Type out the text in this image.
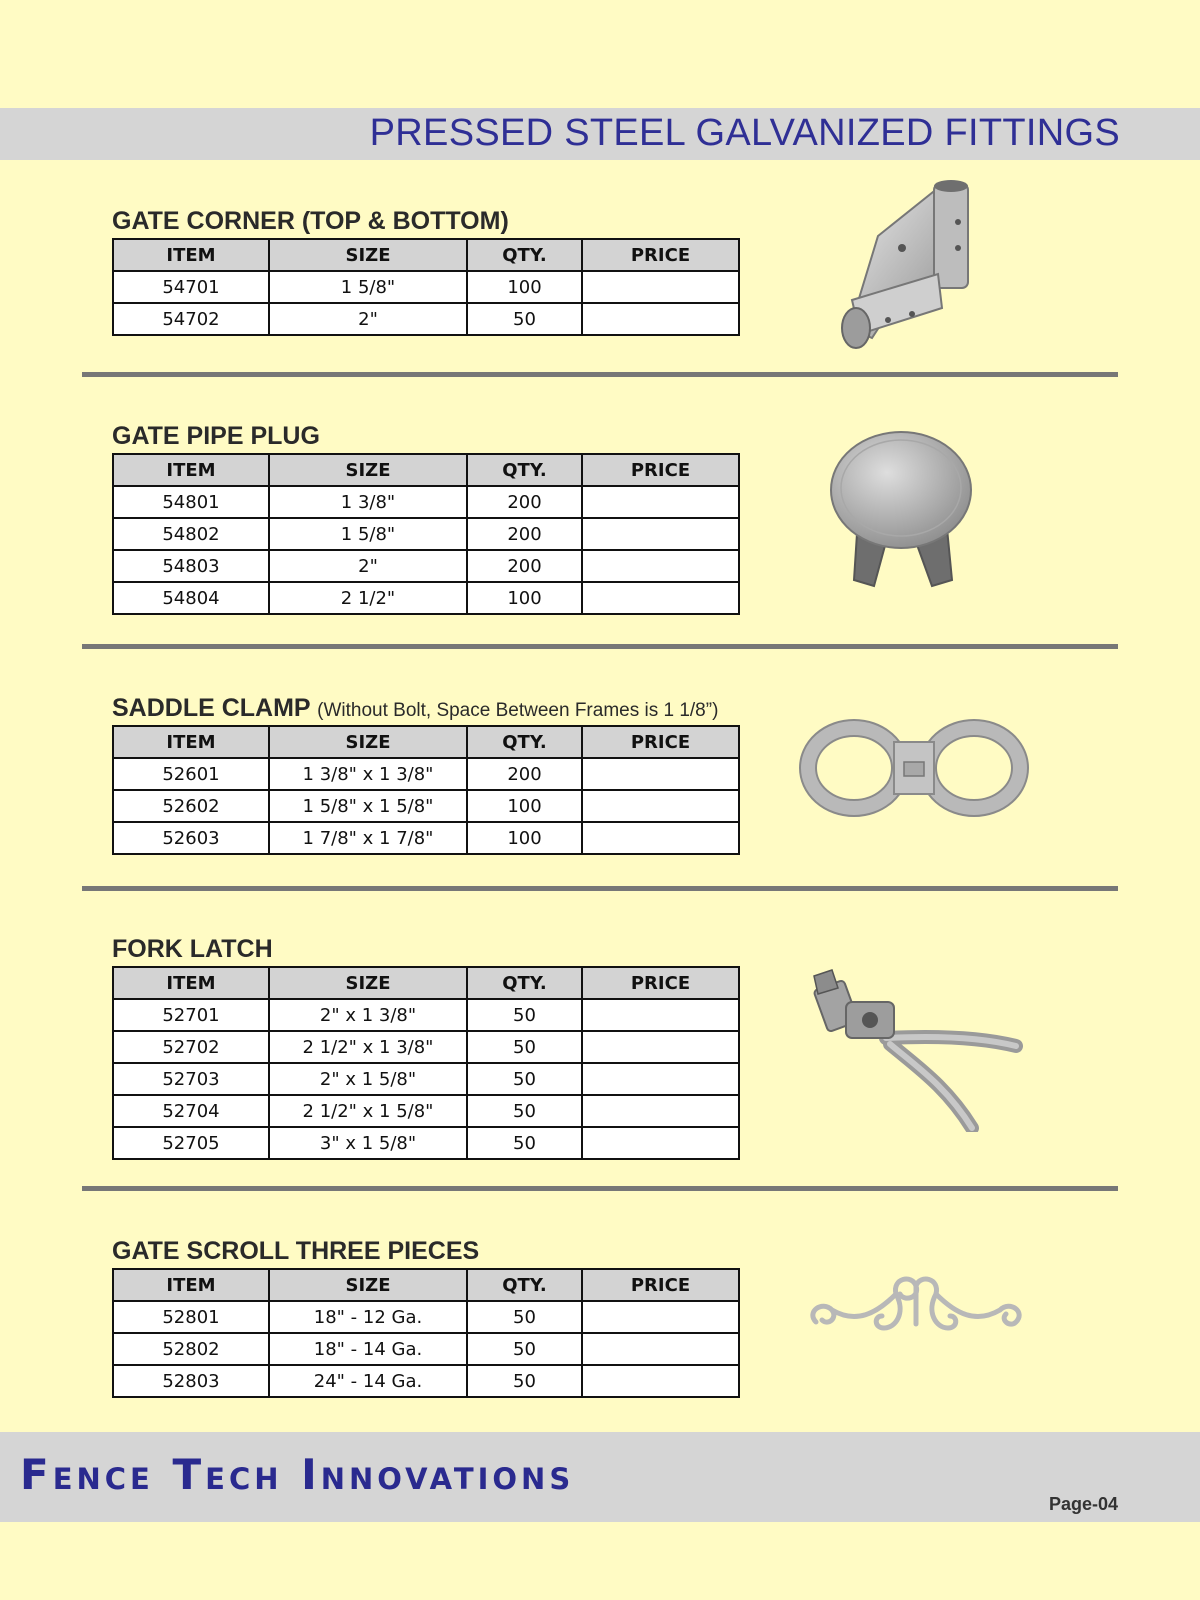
PRESSED STEEL GALVANIZED FITTINGS
GATE CORNER (TOP & BOTTOM)
ITEM	SIZE	QTY.	PRICE
54701	1 5/8"	100	
54702	2"	50	
GATE PIPE PLUG
ITEM	SIZE	QTY.	PRICE
54801	1 3/8"	200	
54802	1 5/8"	200	
54803	2"	200	
54804	2 1/2"	100	
SADDLE CLAMP (Without Bolt, Space Between Frames is 1 1/8”)
ITEM	SIZE	QTY.	PRICE
52601	1 3/8" x 1 3/8"	200	
52602	1 5/8" x 1 5/8"	100	
52603	1 7/8" x 1 7/8"	100	
FORK LATCH
ITEM	SIZE	QTY.	PRICE
52701	2" x 1 3/8"	50	
52702	2 1/2" x 1 3/8"	50	
52703	2" x 1 5/8"	50	
52704	2 1/2" x 1 5/8"	50	
52705	3" x 1 5/8"	50	
GATE SCROLL THREE PIECES
ITEM	SIZE	QTY.	PRICE
52801	18" - 12 Ga.	50	
52802	18" - 14 Ga.	50	
52803	24" - 14 Ga.	50	
Fence Tech Innovations
Page-04
